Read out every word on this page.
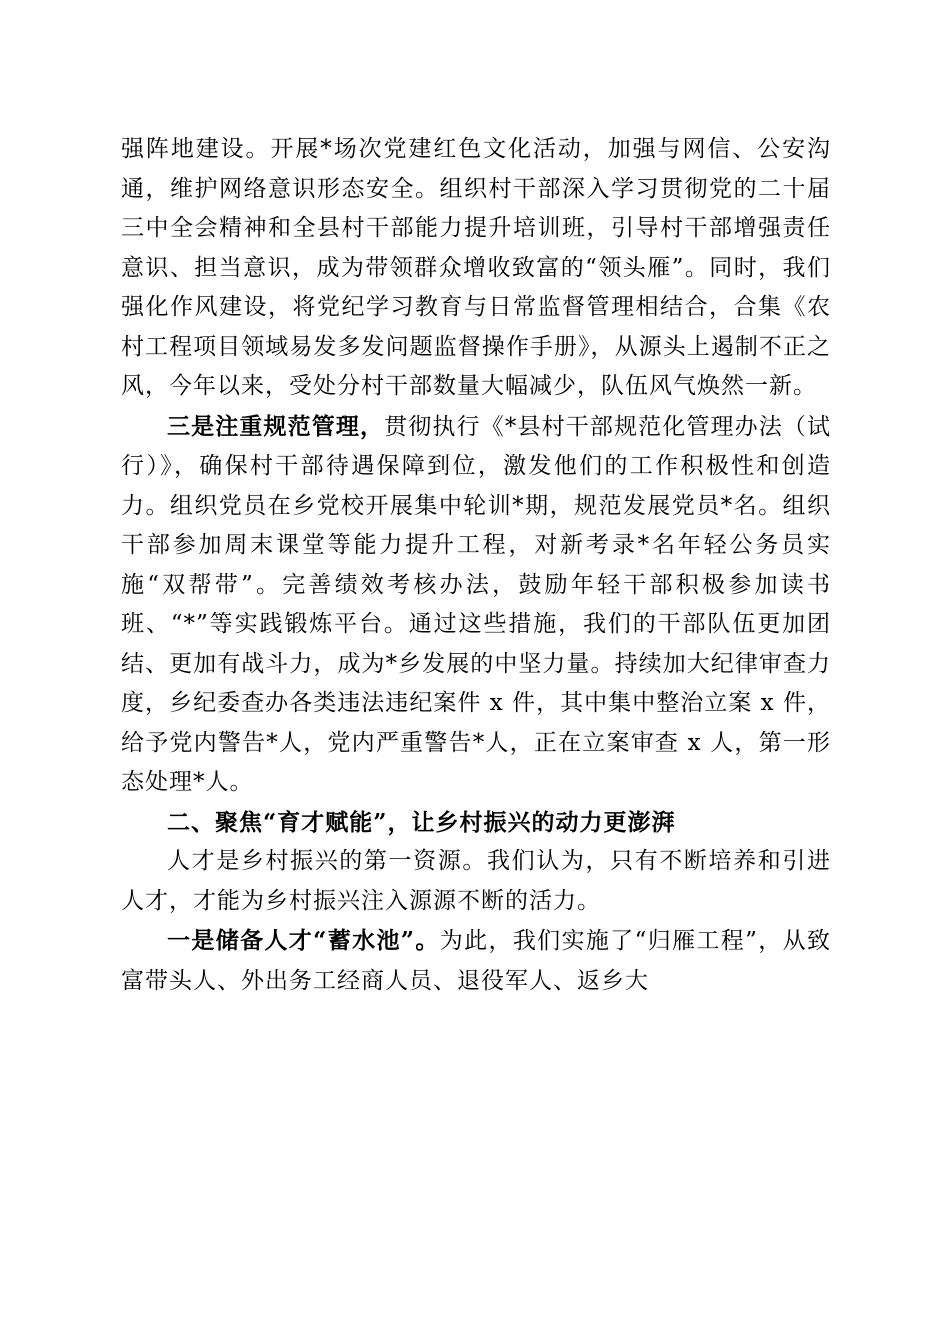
强阵地建设。开展*场次党建红色文化活动，加强与网信、公安沟通，维护网络意识形态安全。组织村干部深入学习贯彻党的二十届三中全会精神和全县村干部能力提升培训班，引导村干部增强责任意识、担当意识，成为带领群众增收致富的“领头雁”。同时，我们强化作风建设，将党纪学习教育与日常监督管理相结合，合集《农村工程项目领域易发多发问题监督操作手册》，从源头上遏制不正之风，今年以来，受处分村干部数量大幅减少，队伍风气焕然一新。

三是注重规范管理，贯彻执行《*县村干部规范化管理办法（试行）》，确保村干部待遇保障到位，激发他们的工作积极性和创造力。组织党员在乡党校开展集中轮训*期，规范发展党员*名。组织干部参加周末课堂等能力提升工程，对新考录*名年轻公务员实施“双帮带”。完善绩效考核办法，鼓励年轻干部积极参加读书班、“*”等实践锻炼平台。通过这些措施，我们的干部队伍更加团结、更加有战斗力，成为*乡发展的中坚力量。持续加大纪律审查力度，乡纪委查办各类违法违纪案件 x 件，其中集中整治立案 x 件，给予党内警告*人，党内严重警告*人，正在立案审查 x 人，第一形态处理*人。

二、聚焦“育才赋能”，让乡村振兴的动力更澎湃

人才是乡村振兴的第一资源。我们认为，只有不断培养和引进人才，才能为乡村振兴注入源源不断的活力。

一是储备人才“蓄水池”。为此，我们实施了“归雁工程”，从致富带头人、外出务工经商人员、退役军人、返乡大
